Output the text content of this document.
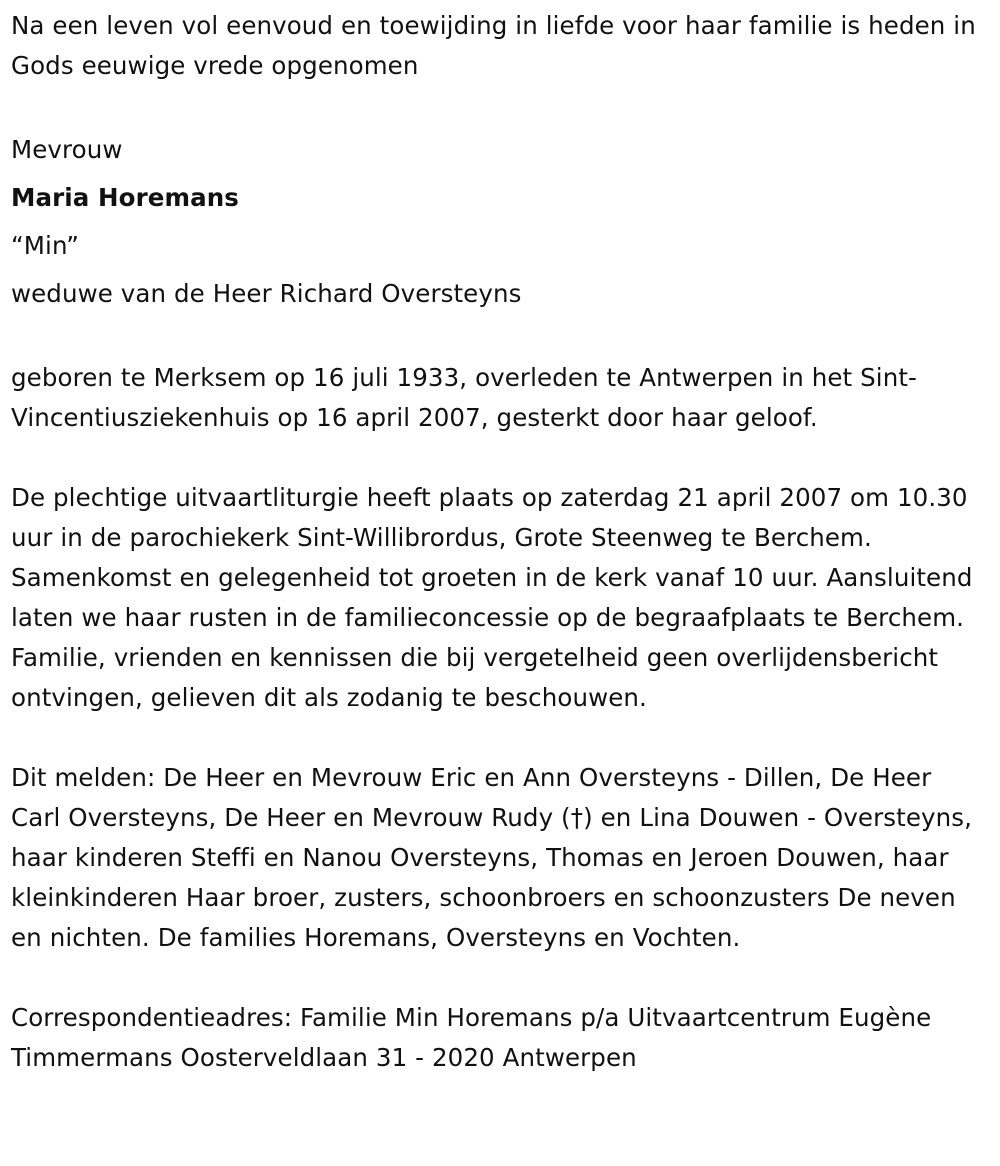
Na een leven vol eenvoud en toewijding in liefde voor haar familie is heden in Gods eeuwige vrede opgenomen

Mevrouw

Maria Horemans

“Min”

weduwe van de Heer Richard Oversteyns

geboren te Merksem op 16 juli 1933, overleden te Antwerpen in het Sint-Vincentiusziekenhuis op 16 april 2007, gesterkt door haar geloof.

De plechtige uitvaartliturgie heeft plaats op zaterdag 21 april 2007 om 10.30 uur in de parochiekerk Sint-Willibrordus, Grote Steenweg te Berchem. Samenkomst en gelegenheid tot groeten in de kerk vanaf 10 uur. Aansluitend laten we haar rusten in de familieconcessie op de begraafplaats te Berchem. Familie, vrienden en kennissen die bij vergetelheid geen overlijdensbericht ontvingen, gelieven dit als zodanig te beschouwen.

Dit melden: De Heer en Mevrouw Eric en Ann Oversteyns - Dillen, De Heer Carl Oversteyns, De Heer en Mevrouw Rudy (†) en Lina Douwen - Oversteyns, haar kinderen Steffi en Nanou Oversteyns, Thomas en Jeroen Douwen, haar kleinkinderen Haar broer, zusters, schoonbroers en schoonzusters De neven en nichten. De families Horemans, Oversteyns en Vochten.

Correspondentieadres: Familie Min Horemans p/a Uitvaartcentrum Eugène Timmermans Oosterveldlaan 31 - 2020 Antwerpen
